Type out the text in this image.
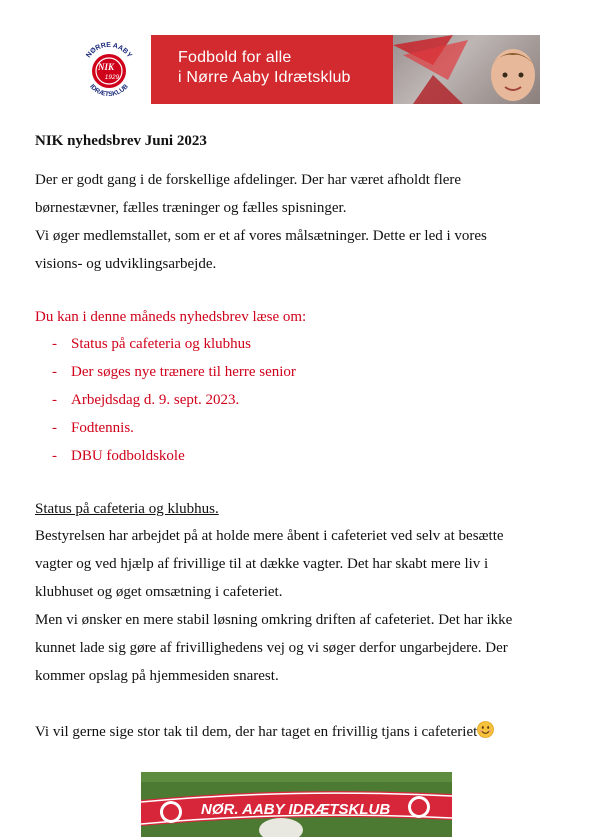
NØRRE AABY
NIK
1929
IDRÆTSKLUB
Fodbold for alle
i Nørre Aaby Idrætsklub
NIK nyhedsbrev Juni 2023
Der er godt gang i de forskellige afdelinger. Der har været afholdt flere
børnestævner, fælles træninger og fælles spisninger.
Vi øger medlemstallet, som er et af vores målsætninger. Dette er led i vores
visions- og udviklingsarbejde.
Du kan i denne måneds nyhedsbrev læse om:
- Status på cafeteria og klubhus
- Der søges nye trænere til herre senior
- Arbejdsdag d. 9. sept. 2023.
- Fodtennis.
- DBU fodboldskole
Status på cafeteria og klubhus.
Bestyrelsen har arbejdet på at holde mere åbent i cafeteriet ved selv at besætte
vagter og ved hjælp af frivillige til at dække vagter. Det har skabt mere liv i
klubhuset og øget omsætning i cafeteriet.
Men vi ønsker en mere stabil løsning omkring driften af cafeteriet. Det har ikke
kunnet lade sig gøre af frivillighedens vej og vi søger derfor ungarbejdere. Der
kommer opslag på hjemmesiden snarest.
Vi vil gerne sige stor tak til dem, der har taget en frivillig tjans i cafeteriet
NØR. AABY IDRÆTSKLUB
